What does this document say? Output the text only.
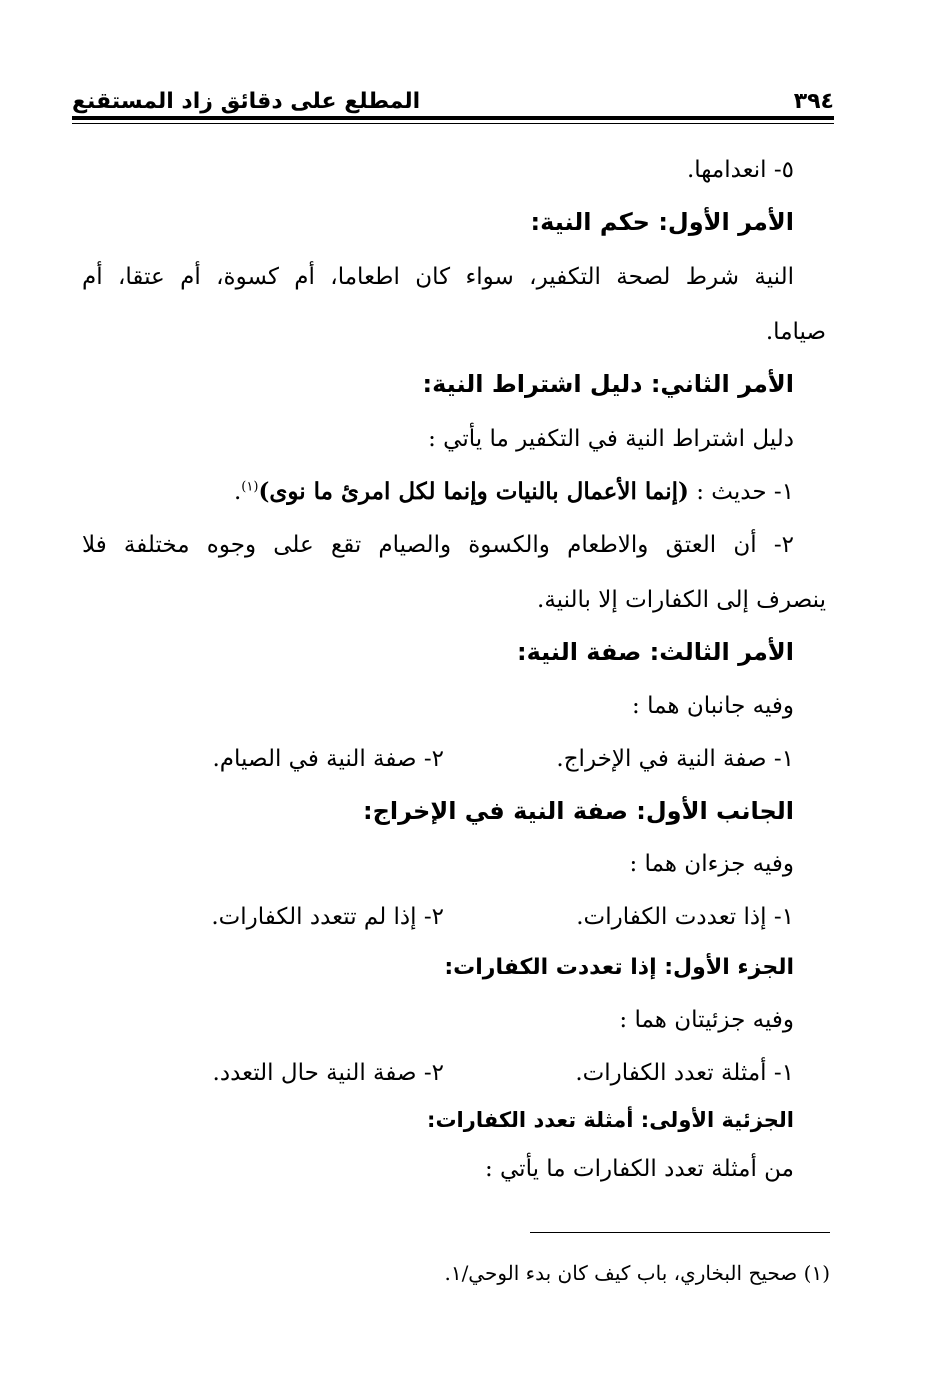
٣٩٤
المطلع على دقائق زاد المستقنع
٥- انعدامها.
الأمر الأول: حكم النية:
النية شرط لصحة التكفير، سواء كان اطعاما، أم كسوة، أم عتقا، أم
صياما.
الأمر الثاني: دليل اشتراط النية:
دليل اشتراط النية في التكفير ما يأتي :
١- حديث : (إنما الأعمال بالنيات وإنما لكل امرئ ما نوى)$^{(١)}$.
٢- أن العتق والاطعام والكسوة والصيام تقع على وجوه مختلفة فلا
ينصرف إلى الكفارات إلا بالنية.
الأمر الثالث: صفة النية:
وفيه جانبان هما :
١- صفة النية في الإخراج.
٢- صفة النية في الصيام.
الجانب الأول: صفة النية في الإخراج:
وفيه جزءان هما :
١- إذا تعددت الكفارات.
٢- إذا لم تتعدد الكفارات.
الجزء الأول: إذا تعددت الكفارات:
وفيه جزئيتان هما :
١- أمثلة تعدد الكفارات.
٢- صفة النية حال التعدد.
الجزئية الأولى: أمثلة تعدد الكفارات:
من أمثلة تعدد الكفارات ما يأتي :
(١) صحيح البخاري، باب كيف كان بدء الوحي/١.
